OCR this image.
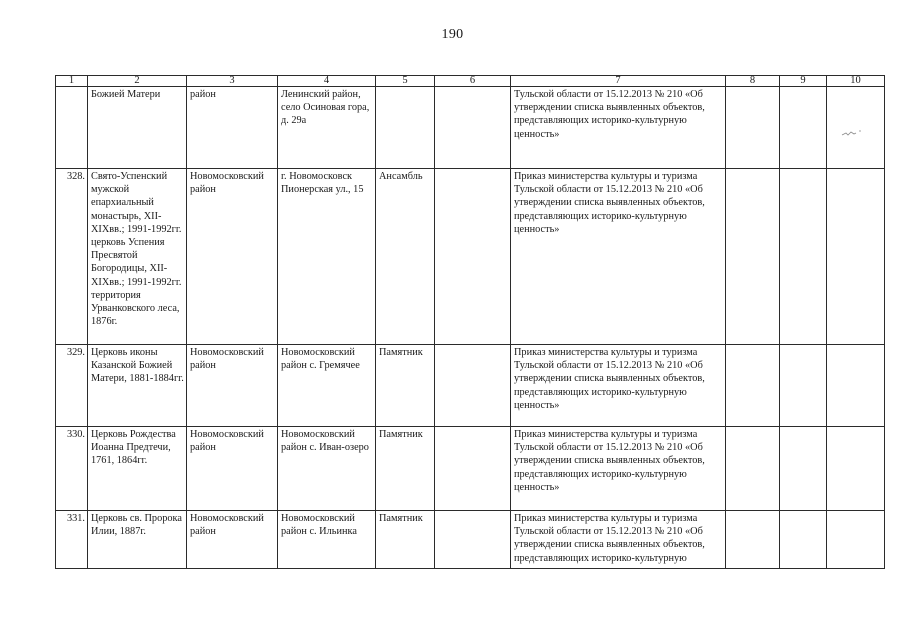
190
1	2	3	4	5	6	7	8	9	10
	Божией Матери	район	Ленинский район, село Осиновая гора, д. 29а			Тульской области от 15.12.2013 № 210 «Об утверждении списка выявленных объектов, представляющих историко-культурную ценность»			
328.	Свято-Успенский мужской епархиальный монастырь, XII-XIXвв.; 1991-1992гг. церковь Успения Пресвятой Богородицы, XII-XIXвв.; 1991-1992гг. территория Урванковского леса, 1876г.	Новомосковский район	г. Новомосковск Пионерская ул., 15	Ансамбль		Приказ министерства культуры и туризма Тульской области от 15.12.2013 № 210 «Об утверждении списка выявленных объектов, представляющих историко-культурную ценность»			
329.	Церковь иконы Казанской Божией Матери, 1881-1884гг.	Новомосковский район	Новомосковский район с. Гремячее	Памятник		Приказ министерства культуры и туризма Тульской области от 15.12.2013 № 210 «Об утверждении списка выявленных объектов, представляющих историко-культурную ценность»			
330.	Церковь Рождества Иоанна Предтечи, 1761, 1864гг.	Новомосковский район	Новомосковский район с. Иван-озеро	Памятник		Приказ министерства культуры и туризма Тульской области от 15.12.2013 № 210 «Об утверждении списка выявленных объектов, представляющих историко-культурную ценность»			
331.	Церковь св. Пророка Илии, 1887г.	Новомосковский район	Новомосковский район с. Ильинка	Памятник		Приказ министерства культуры и туризма Тульской области от 15.12.2013 № 210 «Об утверждении списка выявленных объектов, представляющих историко-культурную			
